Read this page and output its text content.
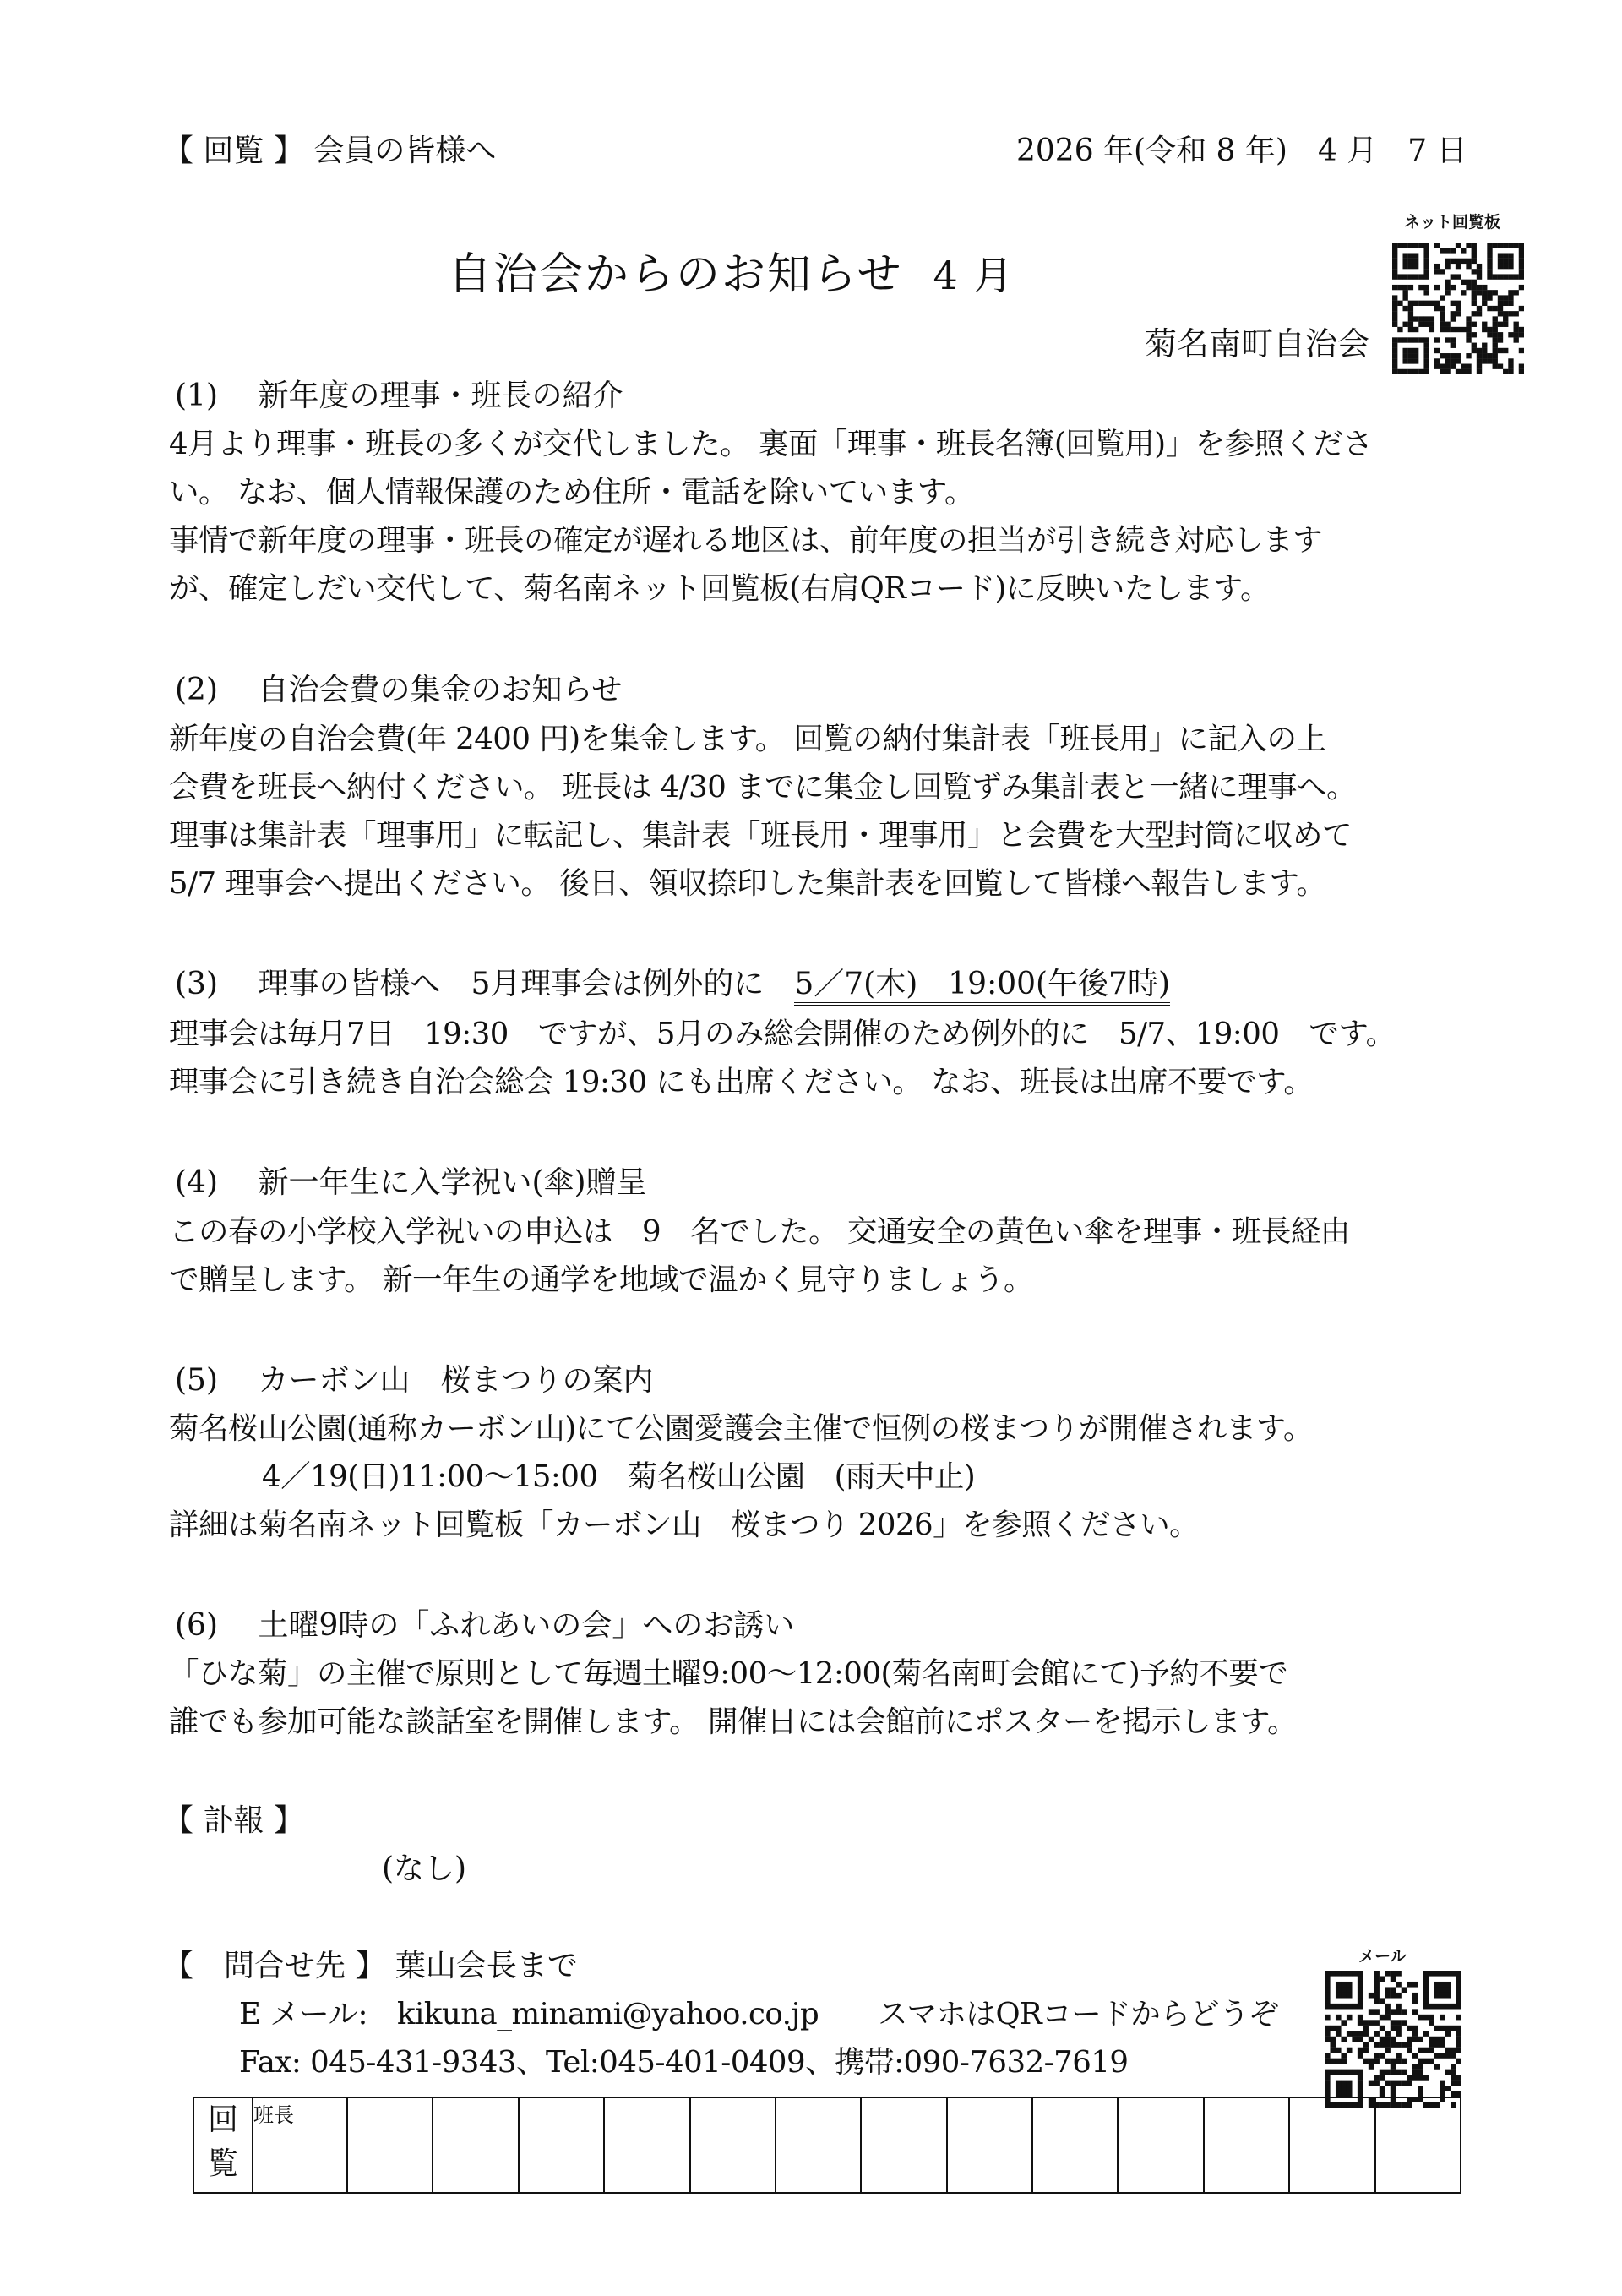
【 回覧 】 会員の皆様へ	2026 年(令和 8 年)　4 月　7 日
ネット回覧板
自治会からのお知らせ 4 月
菊名南町自治会
(1)　 新年度の理事・班長の紹介
4月より理事・班長の多くが交代しました。 裏面「理事・班長名簿(回覧用)」を参照くださ
い。 なお、個人情報保護のため住所・電話を除いています。
事情で新年度の理事・班長の確定が遅れる地区は、前年度の担当が引き続き対応します
が、確定しだい交代して、菊名南ネット回覧板(右肩QRコード)に反映いたします。
(2)　 自治会費の集金のお知らせ
新年度の自治会費(年 2400 円)を集金します。 回覧の納付集計表「班長用」に記入の上
会費を班長へ納付ください。 班長は 4/30 までに集金し回覧ずみ集計表と一緒に理事へ。
理事は集計表「理事用」に転記し、集計表「班長用・理事用」と会費を大型封筒に収めて
5/7 理事会へ提出ください。 後日、領収捺印した集計表を回覧して皆様へ報告します。
(3)　 理事の皆様へ　5月理事会は例外的に　 5／7(木)　19:00(午後7時)
理事会は毎月7日　19:30　ですが、5月のみ総会開催のため例外的に　5/7、19:00　です。
理事会に引き続き自治会総会 19:30 にも出席ください。 なお、班長は出席不要です。
(4)　 新一年生に入学祝い(傘)贈呈
この春の小学校入学祝いの申込は　9　名でした。 交通安全の黄色い傘を理事・班長経由
で贈呈します。 新一年生の通学を地域で温かく見守りましょう。
(5)　 カーボン山　桜まつりの案内
菊名桜山公園(通称カーボン山)にて公園愛護会主催で恒例の桜まつりが開催されます。
　　4／19(日)11:00〜15:00　菊名桜山公園　(雨天中止)
詳細は菊名南ネット回覧板「カーボン山　桜まつり 2026」を参照ください。
(6)　 土曜9時の「ふれあいの会」へのお誘い
「ひな菊」の主催で原則として毎週土曜9:00〜12:00(菊名南町会館にて)予約不要で
誰でも参加可能な談話室を開催します。 開催日には会館前にポスターを掲示します。
【 訃報 】
(なし)
【　問合せ先 】 葉山会長まで
E メール:　kikuna_minami@yahoo.co.jp　　スマホはQRコードからどうぞ
Fax: 045-431-9343、Tel:045-401-0409、携帯:090-7632-7619
メール
回
覧
	班長													
